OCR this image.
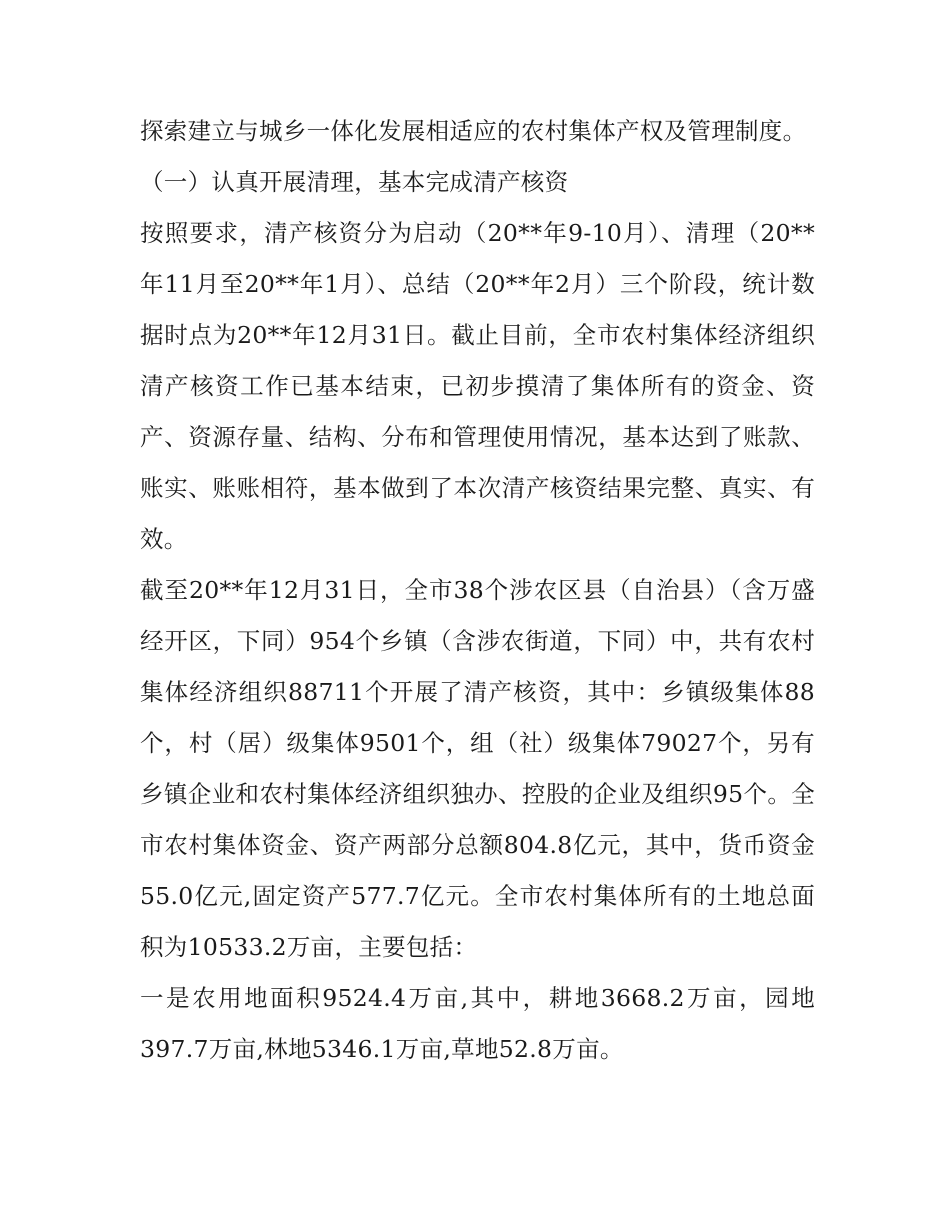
探索建立与城乡一体化发展相适应的农村集体产权及管理制度。

（一）认真开展清理，基本完成清产核资

按照要求，清产核资分为启动（20**年9-10月）、清理（20**年11月至20**年1月）、总结（20**年2月）三个阶段，统计数据时点为20**年12月31日。截止目前，全市农村集体经济组织清产核资工作已基本结束，已初步摸清了集体所有的资金、资产、资源存量、结构、分布和管理使用情况，基本达到了账款、账实、账账相符，基本做到了本次清产核资结果完整、真实、有效。

截至20**年12月31日，全市38个涉农区县（自治县）（含万盛经开区，下同）954个乡镇（含涉农街道，下同）中，共有农村集体经济组织88711个开展了清产核资，其中：乡镇级集体88个，村（居）级集体9501个，组（社）级集体79027个，另有乡镇企业和农村集体经济组织独办、控股的企业及组织95个。全市农村集体资金、资产两部分总额804.8亿元，其中，货币资金55.0亿元,固定资产577.7亿元。全市农村集体所有的土地总面积为10533.2万亩，主要包括：

一是农用地面积9524.4万亩,其中，耕地3668.2万亩，园地397.7万亩,林地5346.1万亩,草地52.8万亩。
